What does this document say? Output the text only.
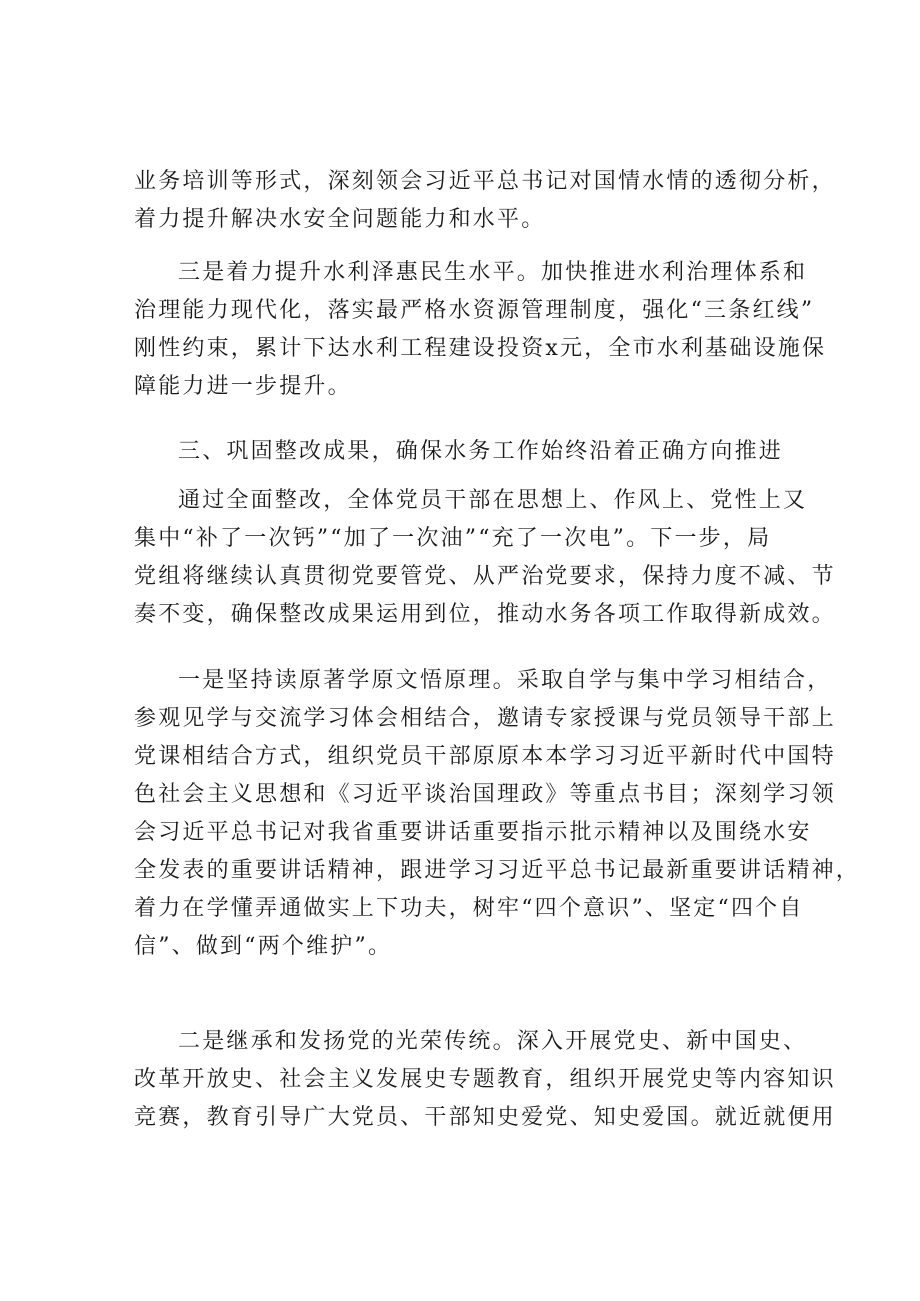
业务培训等形式，深刻领会习近平总书记对国情水情的透彻分析，
着力提升解决水安全问题能力和水平。
三是着力提升水利泽惠民生水平。加快推进水利治理体系和
治理能力现代化，落实最严格水资源管理制度，强化“三条红线”
刚性约束，累计下达水利工程建设投资x元，全市水利基础设施保
障能力进一步提升。
三、巩固整改成果，确保水务工作始终沿着正确方向推进
通过全面整改，全体党员干部在思想上、作风上、党性上又
集中“补了一次钙”“加了一次油”“充了一次电”。下一步，局
党组将继续认真贯彻党要管党、从严治党要求，保持力度不减、节
奏不变，确保整改成果运用到位，推动水务各项工作取得新成效。
一是坚持读原著学原文悟原理。采取自学与集中学习相结合，
参观见学与交流学习体会相结合，邀请专家授课与党员领导干部上
党课相结合方式，组织党员干部原原本本学习习近平新时代中国特
色社会主义思想和《习近平谈治国理政》等重点书目；深刻学习领
会习近平总书记对我省重要讲话重要指示批示精神以及围绕水安
全发表的重要讲话精神，跟进学习习近平总书记最新重要讲话精神，
着力在学懂弄通做实上下功夫，树牢“四个意识”、坚定“四个自
信”、做到“两个维护”。
二是继承和发扬党的光荣传统。深入开展党史、新中国史、
改革开放史、社会主义发展史专题教育，组织开展党史等内容知识
竞赛，教育引导广大党员、干部知史爱党、知史爱国。就近就便用
